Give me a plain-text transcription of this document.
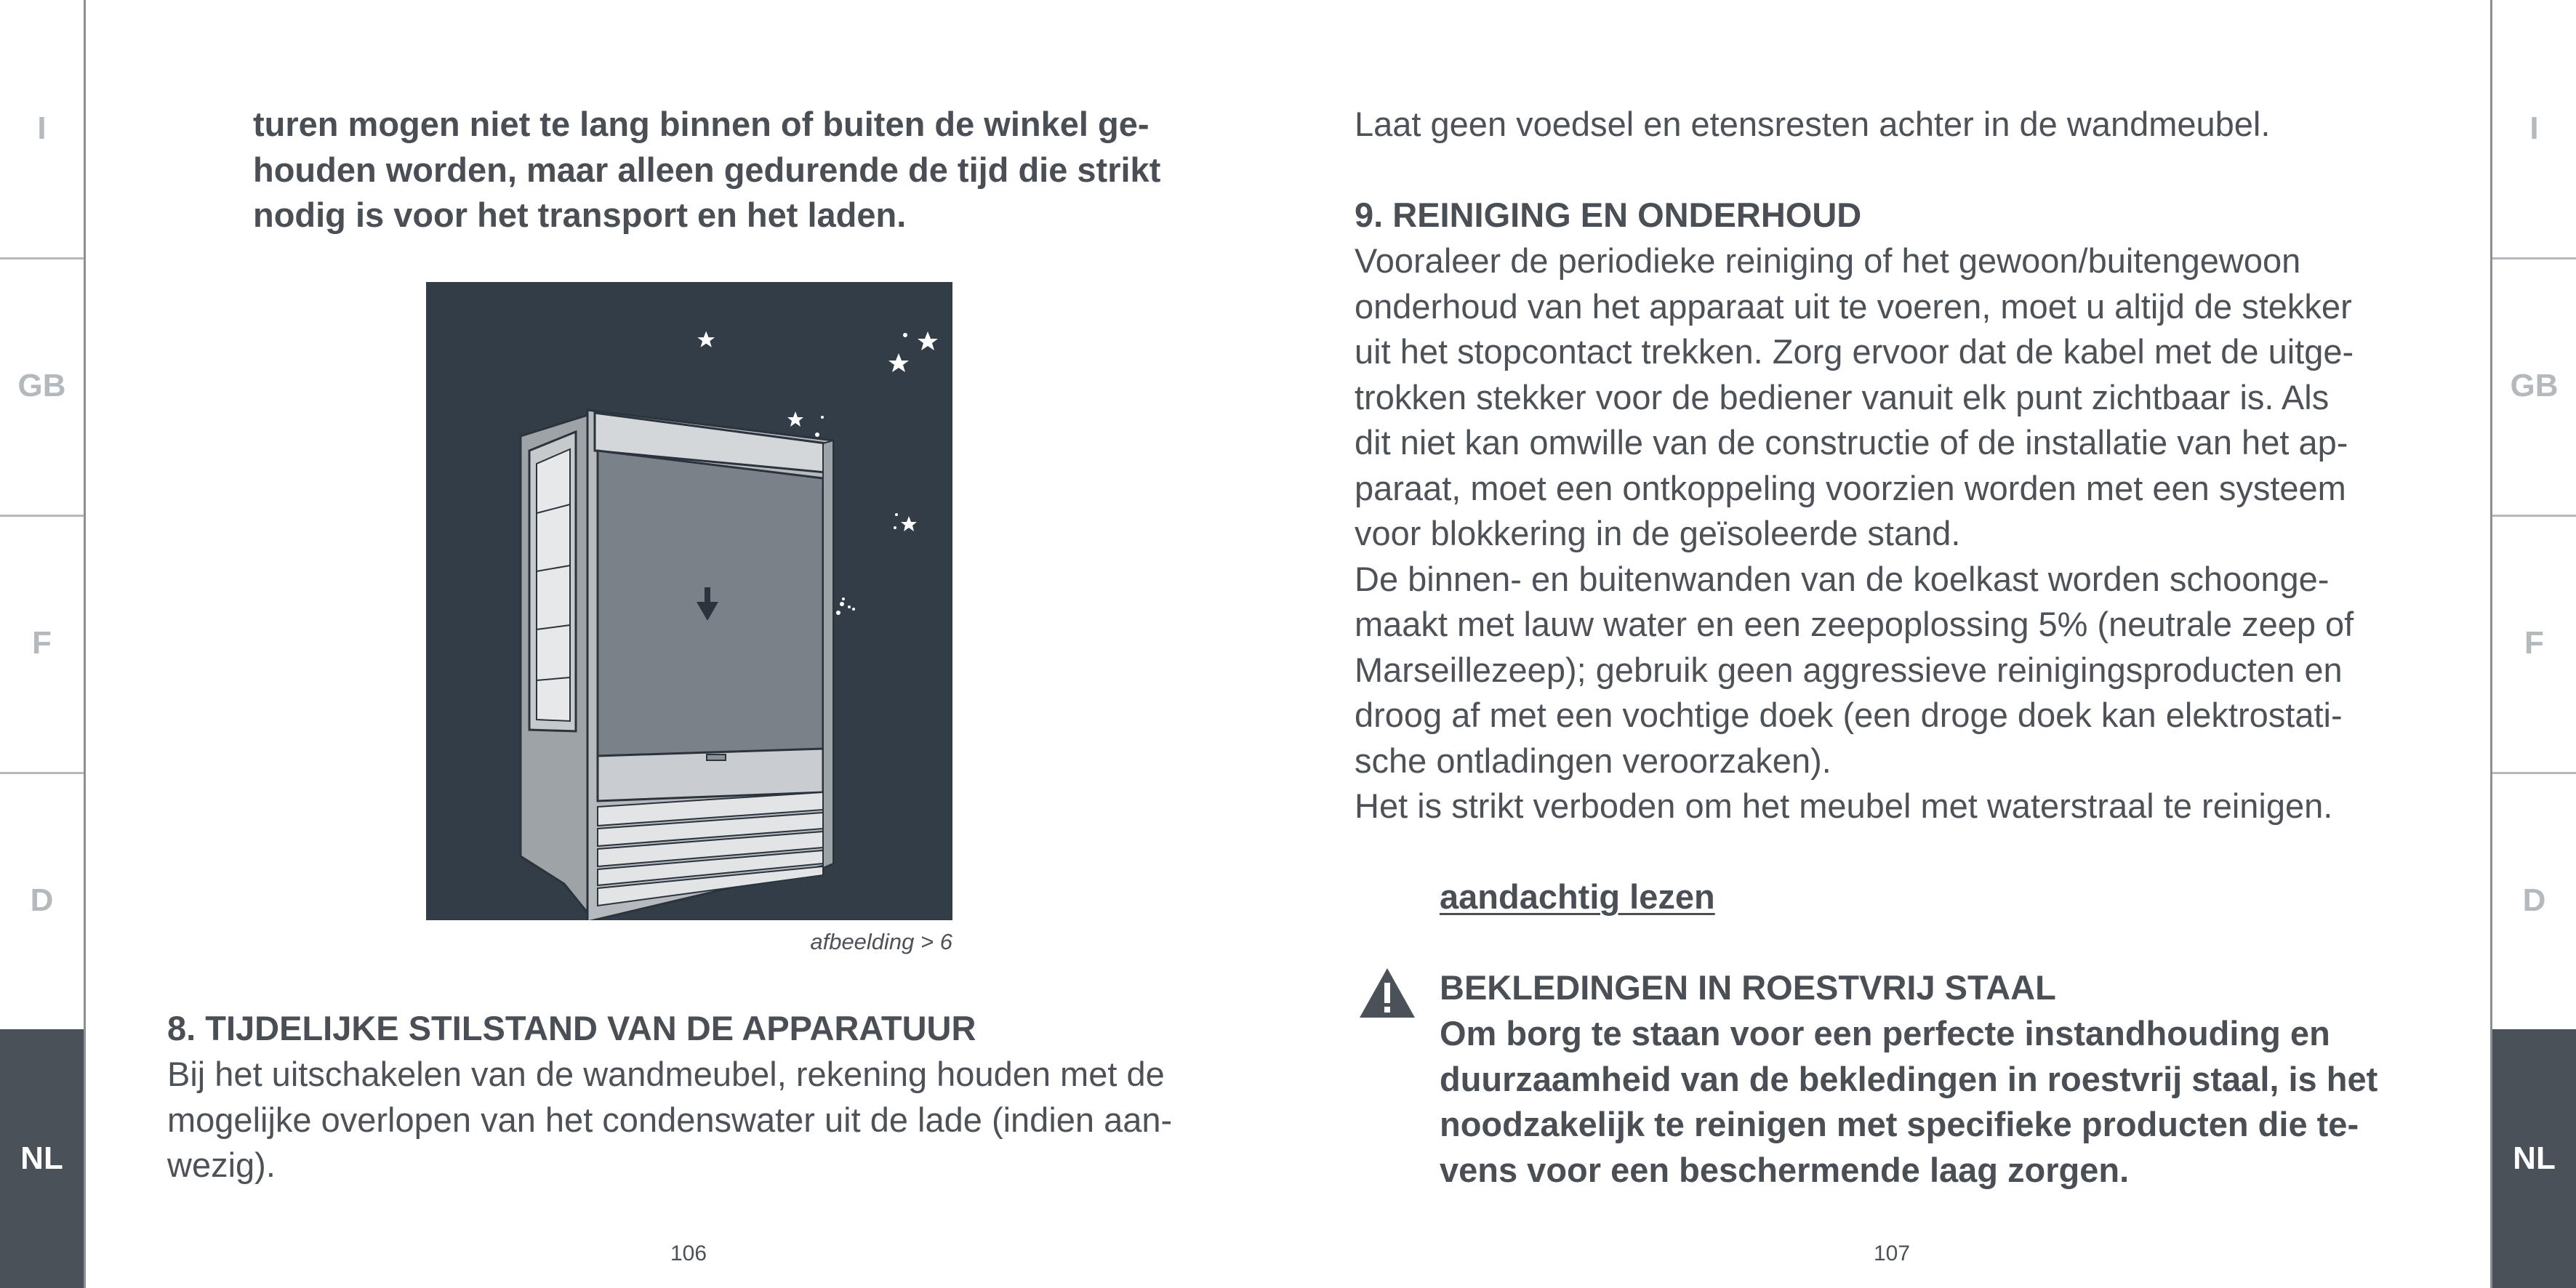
I
GB
F
D
NL
I
GB
F
D
NL
turen mogen niet te lang binnen of buiten de winkel ge-
houden worden, maar alleen gedurende de tijd die strikt
nodig is voor het transport en het laden.
afbeelding > 6
8. TIJDELIJKE STILSTAND VAN DE APPARATUUR
Bij het uitschakelen van de wandmeubel, rekening houden met de
mogelijke overlopen van het condenswater uit de lade (indien aan-
wezig).
106
Laat geen voedsel en etensresten achter in de wandmeubel.
9. REINIGING EN ONDERHOUD
Vooraleer de periodieke reiniging of het gewoon/buitengewoon
onderhoud van het apparaat uit te voeren, moet u altijd de stekker
uit het stopcontact trekken. Zorg ervoor dat de kabel met de uitge-
trokken stekker voor de bediener vanuit elk punt zichtbaar is. Als
dit niet kan omwille van de constructie of de installatie van het ap-
paraat, moet een ontkoppeling voorzien worden met een systeem
voor blokkering in de geïsoleerde stand.
De binnen- en buitenwanden van de koelkast worden schoonge-
maakt met lauw water en een zeepoplossing 5% (neutrale zeep of
Marseillezeep); gebruik geen aggressieve reinigingsproducten en
droog af met een vochtige doek (een droge doek kan elektrostati-
sche ontladingen veroorzaken).
Het is strikt verboden om het meubel met waterstraal te reinigen.
aandachtig lezen
BEKLEDINGEN IN ROESTVRIJ STAAL
Om borg te staan voor een perfecte instandhouding en
duurzaamheid van de bekledingen in roestvrij staal, is het
noodzakelijk te reinigen met specifieke producten die te-
vens voor een beschermende laag zorgen.
107
